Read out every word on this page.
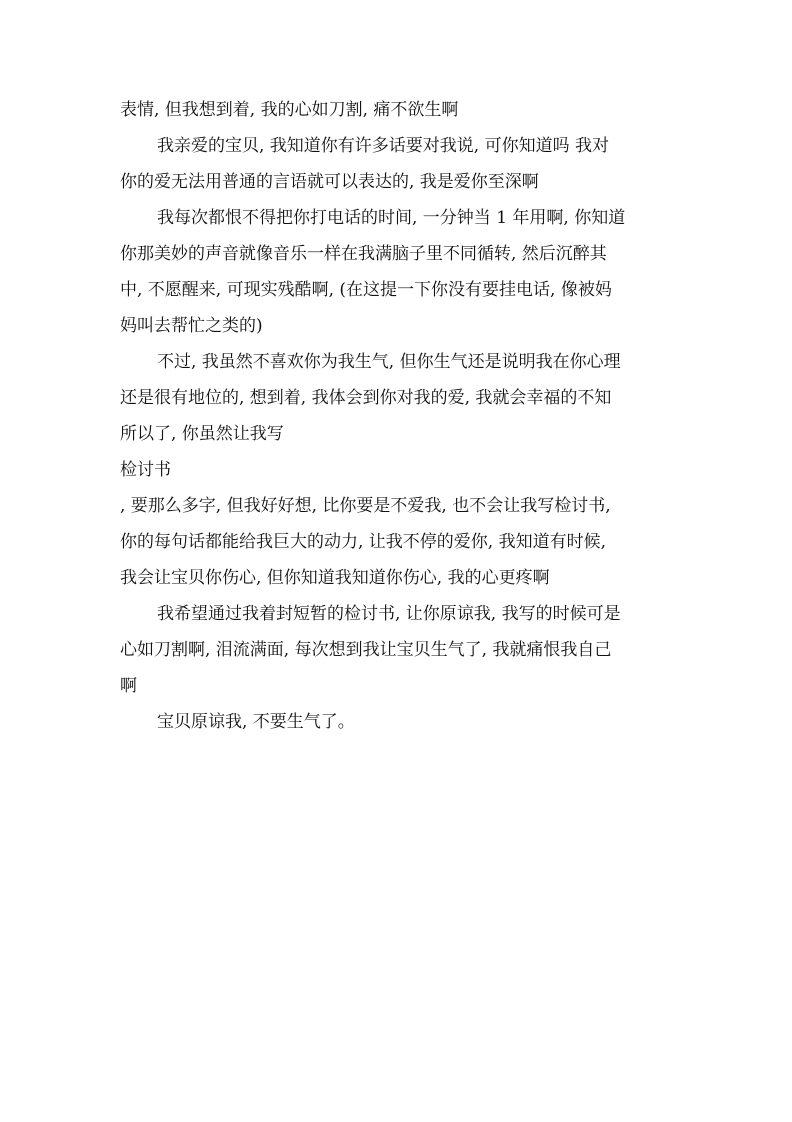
表情, 但我想到着, 我的心如刀割, 痛不欲生啊
我亲爱的宝贝, 我知道你有许多话要对我说, 可你知道吗 我对
你的爱无法用普通的言语就可以表达的, 我是爱你至深啊
我每次都恨不得把你打电话的时间, 一分钟当 1 年用啊, 你知道
你那美妙的声音就像音乐一样在我满脑子里不同循转, 然后沉醉其
中, 不愿醒来, 可现实残酷啊, (在这提一下你没有要挂电话, 像被妈
妈叫去帮忙之类的)
不过, 我虽然不喜欢你为我生气, 但你生气还是说明我在你心理
还是很有地位的, 想到着, 我体会到你对我的爱, 我就会幸福的不知
所以了, 你虽然让我写
检讨书
, 要那么多字, 但我好好想, 比你要是不爱我, 也不会让我写检讨书,
你的每句话都能给我巨大的动力, 让我不停的爱你, 我知道有时候,
我会让宝贝你伤心, 但你知道我知道你伤心, 我的心更疼啊
我希望通过我着封短暂的检讨书, 让你原谅我, 我写的时候可是
心如刀割啊, 泪流满面, 每次想到我让宝贝生气了, 我就痛恨我自己
啊
宝贝原谅我, 不要生气了。
